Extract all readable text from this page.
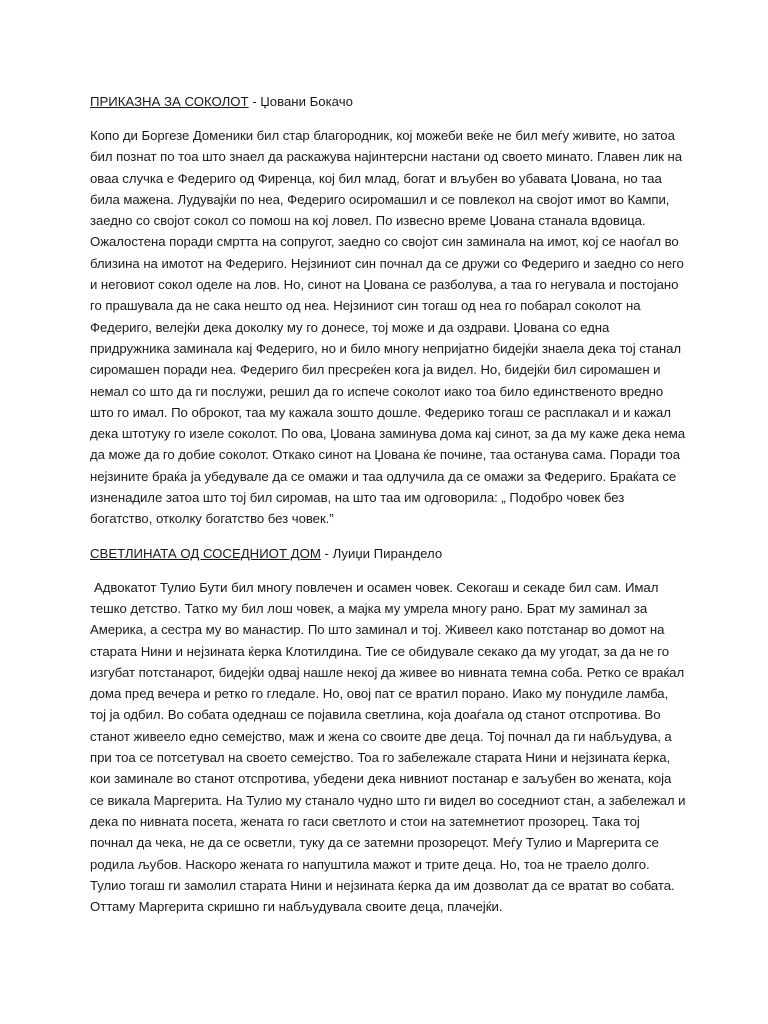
ПРИКАЗНА ЗА СОКОЛОТ - Џовани Бокачо

Копо ди Боргезе Доменики бил стар благородник, кој можеби веќе не бил меѓу живите, но затоа бил познат по тоа што знаел да раскажува најинтерсни настани од своето минато. Главен лик на оваа случка е Федериго од Фиренца, кој бил млад, богат и вљубен во убавата Џована, но таа била мажена. Лудувајќи по неа, Федериго осиромашил и се повлекол на својот имот во Кампи, заедно со својот сокол со помош на кој ловел. По извесно време Џована станала вдовица. Ожалостена поради смртта на сопругот, заедно со својот син заминала на имот, кој се наоѓал во близина на имотот на Федериго. Нејзиниот син почнал да се дружи со Федериго и заедно со него и неговиот сокол оделе на лов. Но, синот на Џована се разболува, а таа го негувала и постојано го прашувала да не сака нешто од неа. Нејзиниот син тогаш од неа го побарал соколот на Федериго, велејќи дека доколку му го донесе, тој може и да оздрави. Џована со една придружника заминала кај Федериго, но и било многу непријатно бидејќи знаела дека тој станал сиромашен поради неа. Федериго бил пресреќен кога ја видел. Но, бидејќи бил сиромашен и немал со што да ги послужи, решил да го испече соколот иако тоа било единственото вредно што го имал. По оброкот, таа му кажала зошто дошле. Федерико тогаш се расплакал и и кажал дека штотуку го изеле соколот. По ова, Џована заминува дома кај синот, за да му каже дека нема да може да го добие соколот. Откако синот на Џована ќе почине, таа останува сама. Поради тоа нејзините браќа ја убедувале да се омажи и таа одлучила да се омажи за Федериго. Браќата се изненадиле затоа што тој бил сиромав, на што таа им одговорила: „ Подобро човек без богатство, отколку богатство без човек.”

СВЕТЛИНАТА ОД СОСЕДНИОТ ДОМ - Луиџи Пирандело

Адвокатот Тулио Бути бил многу повлечен и осамен човек. Секогаш и секаде бил сам. Имал тешко детство. Татко му бил лош човек, а мајка му умрела многу рано. Брат му заминал за Америка, а сестра му во манастир. По што заминал и тој. Живеел како потстанар во домот на старата Нини и нејзината ќерка Клотилдина. Тие се обидувале секако да му угодат, за да не го изгубат потстанарот, бидејќи одвај нашле некој да живее во нивната темна соба. Ретко се враќал дома пред вечера и ретко го гледале. Но, овој пат се вратил порано. Иако му понудиле ламба, тој ја одбил. Во собата одеднаш се појавила светлина, која доаѓала од станот отспротива. Во станот живеело едно семејство, маж и жена со своите две деца. Тој почнал да ги набљудува, а при тоа се потсетувал на своето семејство. Тоа го забележале старата Нини и нејзината ќерка, кои заминале во станот отспротива, убедени дека нивниот постанар е заљубен во жената, која се викала Маргерита. На Тулио му станало чудно што ги видел во соседниот стан, а забележал и дека по нивната посета, жената го гаси светлото и стои на затемнетиот прозорец. Така тој почнал да чека, не да се осветли, туку да се затемни прозорецот. Меѓу Тулио и Маргерита се родила љубов. Наскоро жената го напуштила мажот и трите деца. Но, тоа не траело долго. Тулио тогаш ги замолил старата Нини и нејзината ќерка да им дозволат да се вратат во собата. Оттаму Маргерита скришно ги набљудувала своите деца, плачејќи.
